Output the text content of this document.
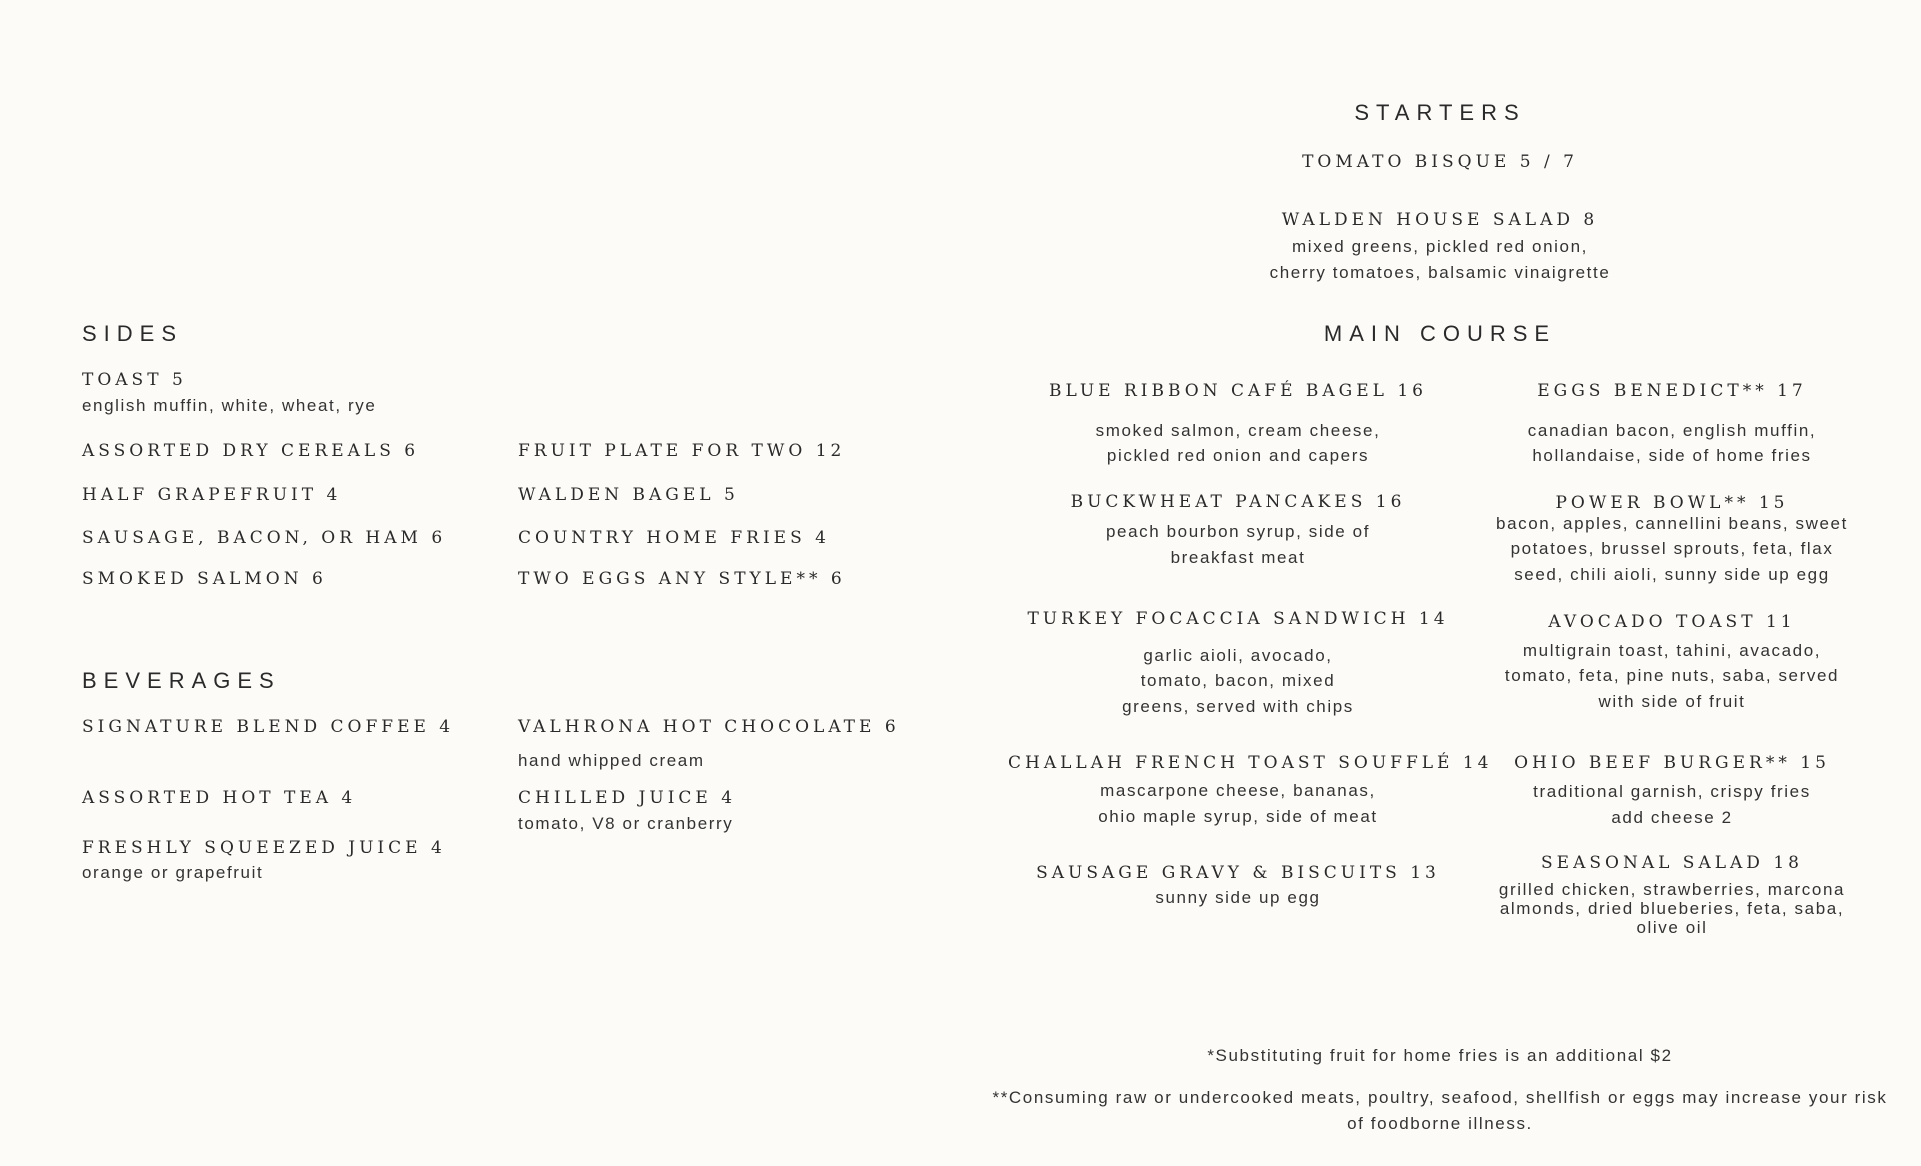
SIDES
TOAST 5
english muffin, white, wheat, rye
ASSORTED DRY CEREALS 6
HALF GRAPEFRUIT 4
SAUSAGE, BACON, OR HAM 6
SMOKED SALMON 6
FRUIT PLATE FOR TWO 12
WALDEN BAGEL 5
COUNTRY HOME FRIES 4
TWO EGGS ANY STYLE** 6
BEVERAGES
SIGNATURE BLEND COFFEE 4
ASSORTED HOT TEA 4
FRESHLY SQUEEZED JUICE 4
orange or grapefruit
VALHRONA HOT CHOCOLATE 6
hand whipped cream
CHILLED JUICE 4
tomato, V8 or cranberry
STARTERS
TOMATO BISQUE 5 / 7
WALDEN HOUSE SALAD 8
mixed greens, pickled red onion,
cherry tomatoes, balsamic vinaigrette
MAIN COURSE
BLUE RIBBON CAFÉ BAGEL 16
smoked salmon, cream cheese,
pickled red onion and capers
BUCKWHEAT PANCAKES 16
peach bourbon syrup, side of
breakfast meat
TURKEY FOCACCIA SANDWICH 14
garlic aioli, avocado,
tomato, bacon, mixed
greens, served with chips
CHALLAH FRENCH TOAST SOUFFLÉ 14
mascarpone cheese, bananas,
ohio maple syrup, side of meat
SAUSAGE GRAVY & BISCUITS 13
sunny side up egg
EGGS BENEDICT** 17
canadian bacon, english muffin,
hollandaise, side of home fries
POWER BOWL** 15
bacon, apples, cannellini beans, sweet
potatoes, brussel sprouts, feta, flax
seed, chili aioli, sunny side up egg
AVOCADO TOAST 11
multigrain toast, tahini, avacado,
tomato, feta, pine nuts, saba, served
with side of fruit
OHIO BEEF BURGER** 15
traditional garnish, crispy fries
add cheese 2
SEASONAL SALAD 18
grilled chicken, strawberries, marcona
almonds, dried blueberies, feta, saba,
olive oil
*Substituting fruit for home fries is an additional $2
**Consuming raw or undercooked meats, poultry, seafood, shellfish or eggs may increase your risk
of foodborne illness.
